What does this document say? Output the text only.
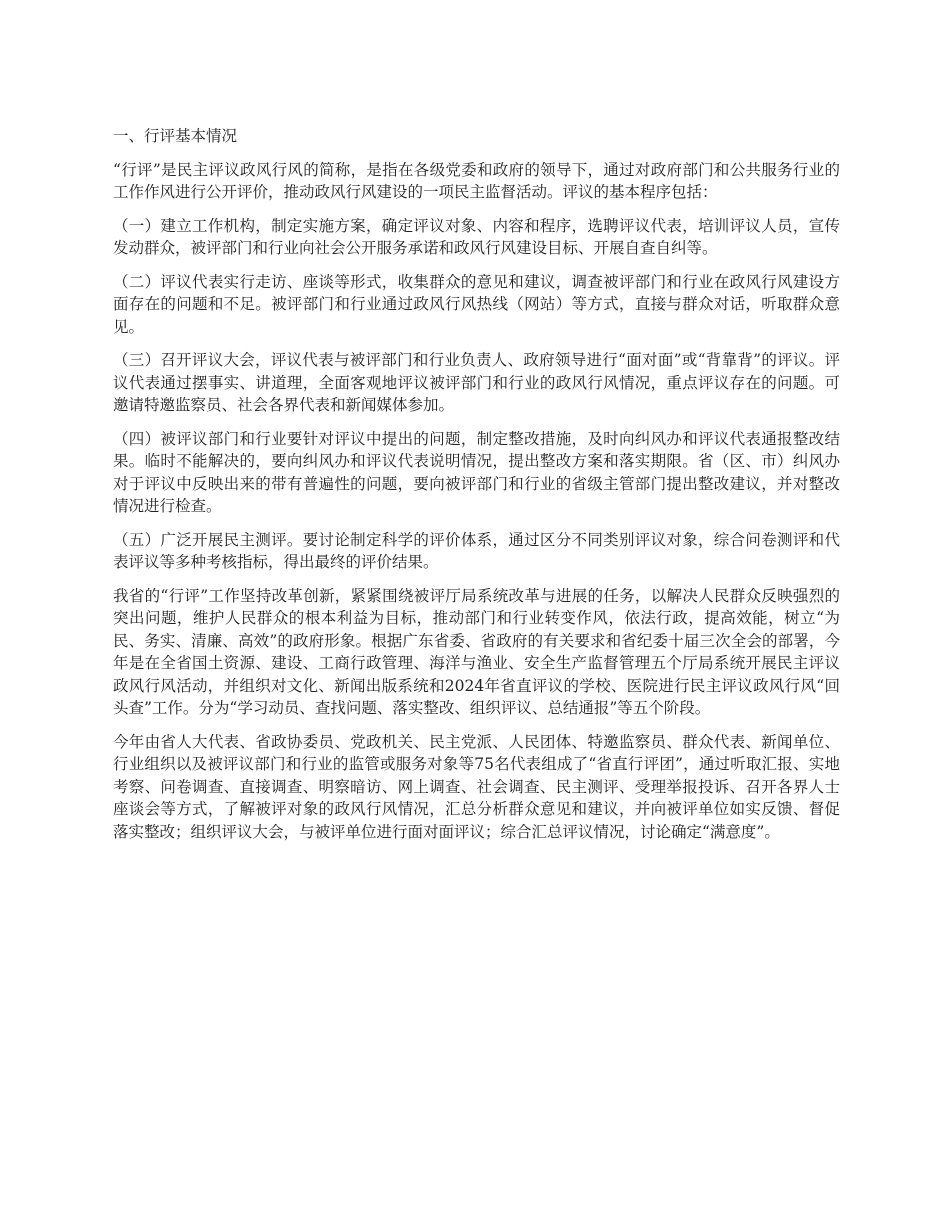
一、行评基本情况

“行评”是民主评议政风行风的简称，是指在各级党委和政府的领导下，通过对政府部门和公共服务行业的工作作风进行公开评价，推动政风行风建设的一项民主监督活动。评议的基本程序包括：

（一）建立工作机构，制定实施方案，确定评议对象、内容和程序，选聘评议代表，培训评议人员，宣传发动群众，被评部门和行业向社会公开服务承诺和政风行风建设目标、开展自查自纠等。

（二）评议代表实行走访、座谈等形式，收集群众的意见和建议，调查被评部门和行业在政风行风建设方面存在的问题和不足。被评部门和行业通过政风行风热线（网站）等方式，直接与群众对话，听取群众意见。

（三）召开评议大会，评议代表与被评部门和行业负责人、政府领导进行“面对面”或“背靠背”的评议。评议代表通过摆事实、讲道理，全面客观地评议被评部门和行业的政风行风情况，重点评议存在的问题。可邀请特邀监察员、社会各界代表和新闻媒体参加。

（四）被评议部门和行业要针对评议中提出的问题，制定整改措施，及时向纠风办和评议代表通报整改结果。临时不能解决的，要向纠风办和评议代表说明情况，提出整改方案和落实期限。省（区、市）纠风办对于评议中反映出来的带有普遍性的问题，要向被评部门和行业的省级主管部门提出整改建议，并对整改情况进行检查。

（五）广泛开展民主测评。要讨论制定科学的评价体系，通过区分不同类别评议对象，综合问卷测评和代表评议等多种考核指标，得出最终的评价结果。

我省的“行评”工作坚持改革创新，紧紧围绕被评厅局系统改革与进展的任务，以解决人民群众反映强烈的突出问题，维护人民群众的根本利益为目标，推动部门和行业转变作风，依法行政，提高效能，树立“为民、务实、清廉、高效”的政府形象。根据广东省委、省政府的有关要求和省纪委十届三次全会的部署，今年是在全省国土资源、建设、工商行政管理、海洋与渔业、安全生产监督管理五个厅局系统开展民主评议政风行风活动，并组织对文化、新闻出版系统和2024年省直评议的学校、医院进行民主评议政风行风“回头查”工作。分为“学习动员、查找问题、落实整改、组织评议、总结通报”等五个阶段。

今年由省人大代表、省政协委员、党政机关、民主党派、人民团体、特邀监察员、群众代表、新闻单位、行业组织以及被评议部门和行业的监管或服务对象等75名代表组成了“省直行评团”，通过听取汇报、实地考察、问卷调查、直接调查、明察暗访、网上调查、社会调查、民主测评、受理举报投诉、召开各界人士座谈会等方式，了解被评对象的政风行风情况，汇总分析群众意见和建议，并向被评单位如实反馈、督促落实整改；组织评议大会，与被评单位进行面对面评议；综合汇总评议情况，讨论确定“满意度”。
